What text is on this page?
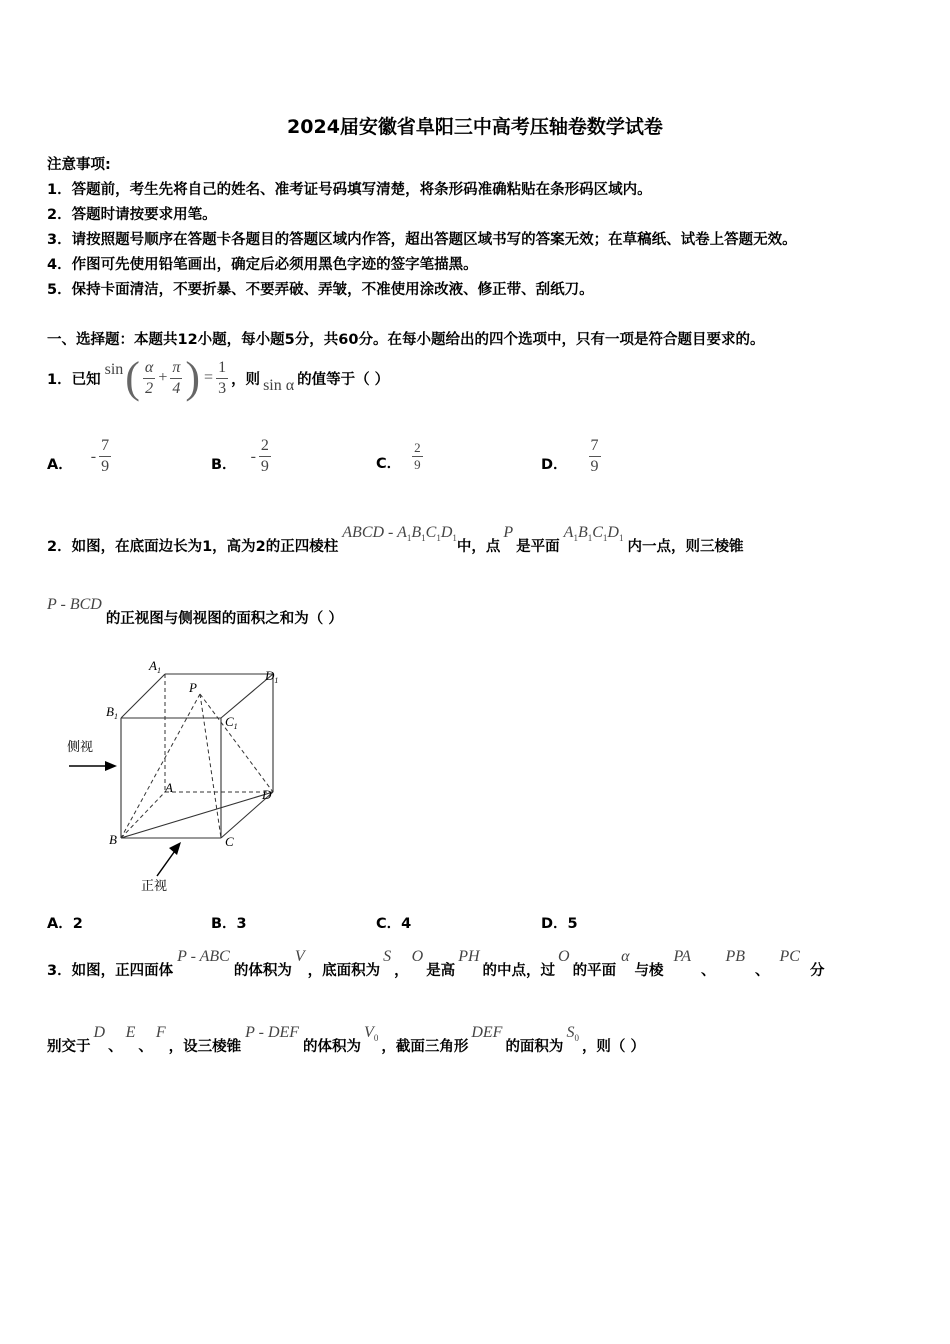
2024届安徽省阜阳三中高考压轴卷数学试卷
注意事项:
1．答题前，考生先将自己的姓名、准考证号码填写清楚，将条形码准确粘贴在条形码区域内。
2．答题时请按要求用笔。
3．请按照题号顺序在答题卡各题目的答题区域内作答，超出答题区域书写的答案无效；在草稿纸、试卷上答题无效。
4．作图可先使用铅笔画出，确定后必须用黑色字迹的签字笔描黑。
5．保持卡面清洁，不要折暴、不要弄破、弄皱，不准使用涂改液、修正带、刮纸刀。
一、选择题：本题共12小题，每小题5分，共60分。在每小题给出的四个选项中，只有一项是符合题目要求的。
1．已知
sin ( $\frac{\alpha}{2} + \frac{\pi}{4}$ ) = $\frac{1}{3}$ ，则 sin α 的值等于（ ）
A．
- $\frac{7}{9}$	B．
- $\frac{2}{9}$	C． $\frac{2}{9}$	D． $\frac{7}{9}$
2．如图，在底面边长为1，高为2的正四棱柱
ABCD - $A_1B_1C_1D_1$
中，点
P
是平面
$A_1B_1C_1D_1$
内一点，则三棱锥
P - BCD
的正视图与侧视图的面积之和为（ ）
$A_1$	$D_1$
$B_1$	$C_1$
P
A	D
B	C
侧视
正视
A．2	B．3	C．4	D．5
3．如图，正四面体
P - ABC
的体积为
V
，底面积为
S
，
O
是高
PH
的中点，过
O
的平面
α
与棱
PA
、
PB
、
PC
分
别交于
D
、
E
、
F
，设三棱锥
P - DEF
的体积为
$V_0$
，截面三角形
DEF
的面积为
$S_0$
，则（ ）
